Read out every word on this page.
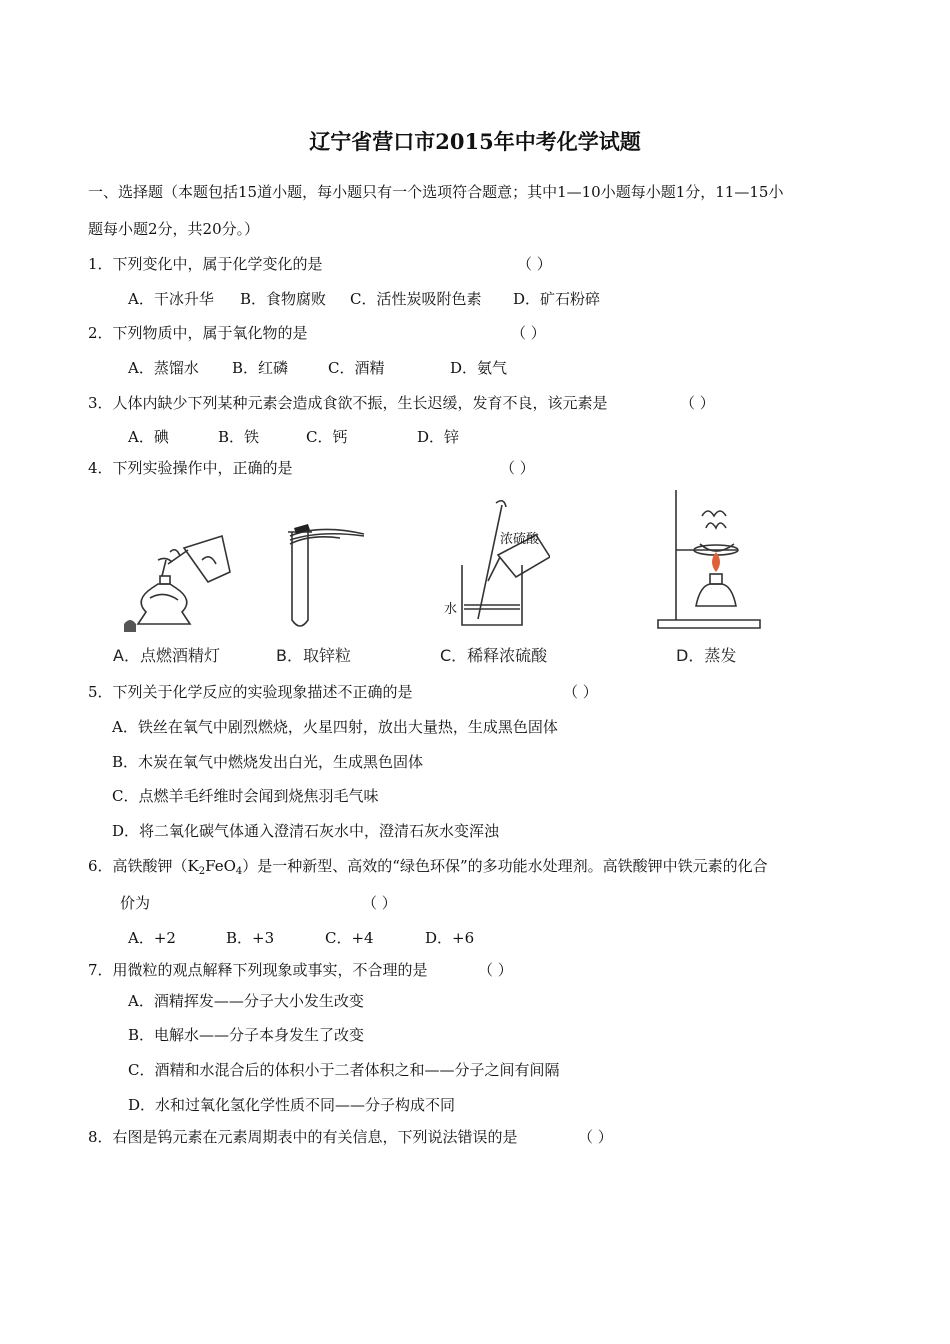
辽宁省营口市2015年中考化学试题
一、选择题（本题包括15道小题，每小题只有一个选项符合题意；其中1—10小题每小题1分，11—15小
题每小题2分，共20分。）
1．下列变化中，属于化学变化的是	（ ）
A．干冰升华 B．食物腐败 C．活性炭吸附色素 D．矿石粉碎
2．下列物质中，属于氧化物的是	（ ）
A．蒸馏水 B．红磷	C．酒精	D．氨气
3．人体内缺少下列某种元素会造成食欲不振，生长迟缓，发育不良，该元素是	（ ）
A．碘	B．铁	C．钙	D．锌
4．下列实验操作中，正确的是	（ ）
A．点燃酒精灯	B．取锌粒
浓硫酸
水
C．稀释浓硫酸	D．蒸发
5．下列关于化学反应的实验现象描述不正确的是	（ ）
A．铁丝在氧气中剧烈燃烧，火星四射，放出大量热，生成黑色固体
B．木炭在氧气中燃烧发出白光，生成黑色固体
C．点燃羊毛纤维时会闻到烧焦羽毛气味
D．将二氧化碳气体通入澄清石灰水中，澄清石灰水变浑浊
6．高铁酸钾$(K_2FeO_4)$是一种新型、高效的“绿色环保”的多功能水处理剂。高铁酸钾中铁元素的化合
价为	（ ）
A．+2	B．+3	C．+4	D．+6
7．用微粒的观点解释下列现象或事实，不合理的是	（ ）
A．酒精挥发——分子大小发生改变
B．电解水——分子本身发生了改变
C．酒精和水混合后的体积小于二者体积之和——分子之间有间隔
D．水和过氧化氢化学性质不同——分子构成不同
8．右图是钨元素在元素周期表中的有关信息，下列说法错误的是	（ ）
